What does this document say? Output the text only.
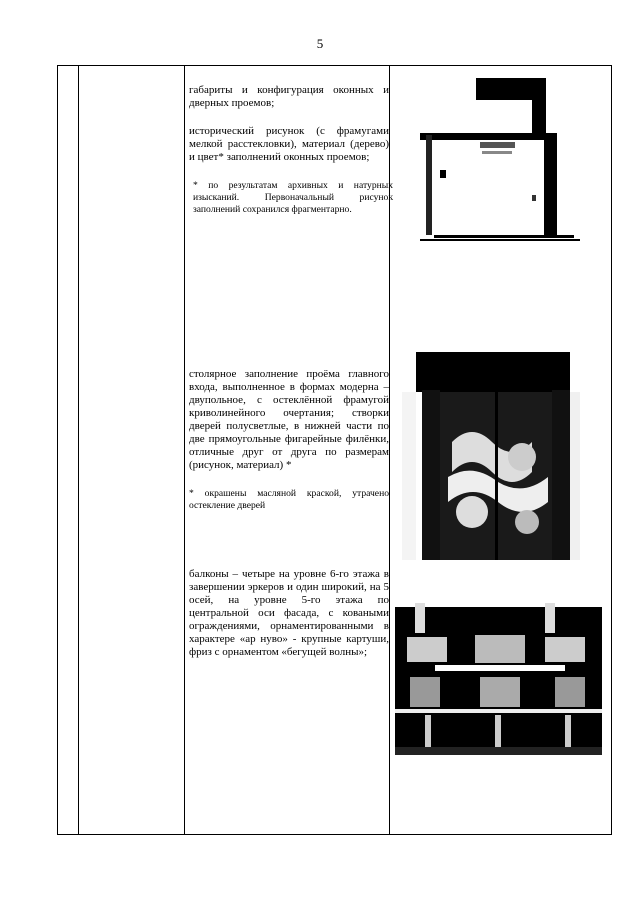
5
габариты и конфигурация оконных и дверных проемов;
исторический рисунок (с фрамугами мелкой расстекловки), материал (дерево) и цвет* заполнений оконных проемов;
* по результатам архивных и натурных изысканий. Первоначальный рисунок заполнений сохранился фрагментарно.
столярное заполнение проёма главного входа, выполненное в формах модерна – двупольное, с остеклённой фрамугой криволинейного очертания; створки дверей полусветлые, в нижней части по две прямоугольные фигарейные филёнки, отличные друг от друга по размерам (рисунок, материал) *
* окрашены масляной краской, утрачено остекление дверей
балконы – четыре на уровне 6-го этажа в завершении эркеров и один широкий, на 5 осей, на уровне 5-го этажа по центральной оси фасада, с коваными ограждениями, орнаментированными в характере «ар нуво» - крупные картуши, фриз с орнаментом «бегущей волны»;
